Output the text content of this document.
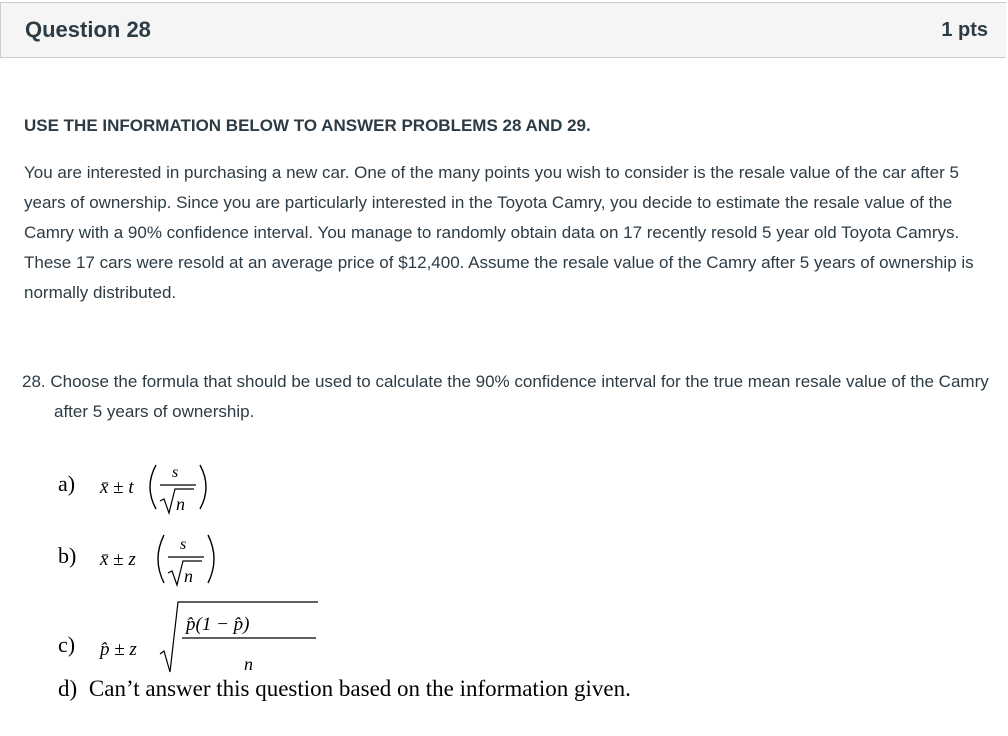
Question 28	1 pts
USE THE INFORMATION BELOW TO ANSWER PROBLEMS 28 AND 29.
You are interested in purchasing a new car. One of the many points you wish to consider is the resale value of the car after 5 years of ownership. Since you are particularly interested in the Toyota Camry, you decide to estimate the resale value of the Camry with a 90% confidence interval. You manage to randomly obtain data on 17 recently resold 5 year old Toyota Camrys. These 17 cars were resold at an average price of $12,400. Assume the resale value of the Camry after 5 years of ownership is normally distributed.
28. Choose the formula that should be used to calculate the 90% confidence interval for the true mean resale value of the Camry after 5 years of ownership.
a) x̄ ± t
s
n
b) x̄ ± z
s
n
c) p̂ ± z
p̂(1 − p̂)
n
d) Can’t answer this question based on the information given.
